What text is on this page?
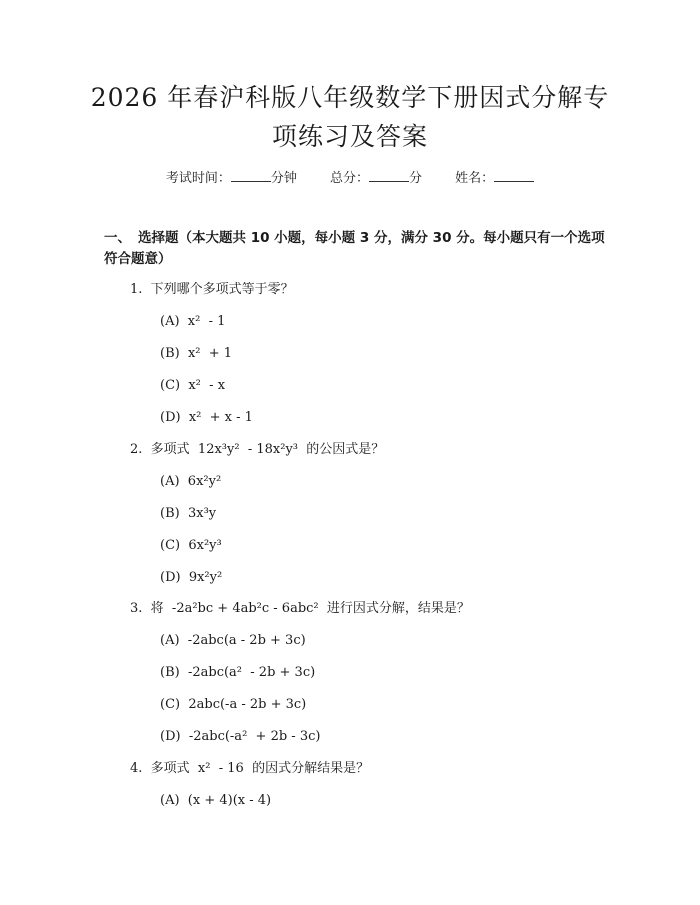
2026 年春沪科版八年级数学下册因式分解专
项练习及答案
考试时间：	分钟	总分：	分	姓名：
一、 选择题（本大题共 10 小题，每小题 3 分，满分 30 分。每小题只有一个选项
符合题意）
1.  下列哪个多项式等于零？
(A)  x²  - 1
(B)  x²  + 1
(C)  x²  - x
(D)  x²  + x - 1
2.  多项式  12x³y²  - 18x²y³  的公因式是？
(A)  6x²y²
(B)  3x³y
(C)  6x²y³
(D)  9x²y²
3.  将  -2a²bc + 4ab²c - 6abc²  进行因式分解，结果是？
(A)  -2abc(a - 2b + 3c)
(B)  -2abc(a²  - 2b + 3c)
(C)  2abc(-a - 2b + 3c)
(D)  -2abc(-a²  + 2b - 3c)
4.  多项式  x²  - 16  的因式分解结果是？
(A)  (x + 4)(x - 4)
